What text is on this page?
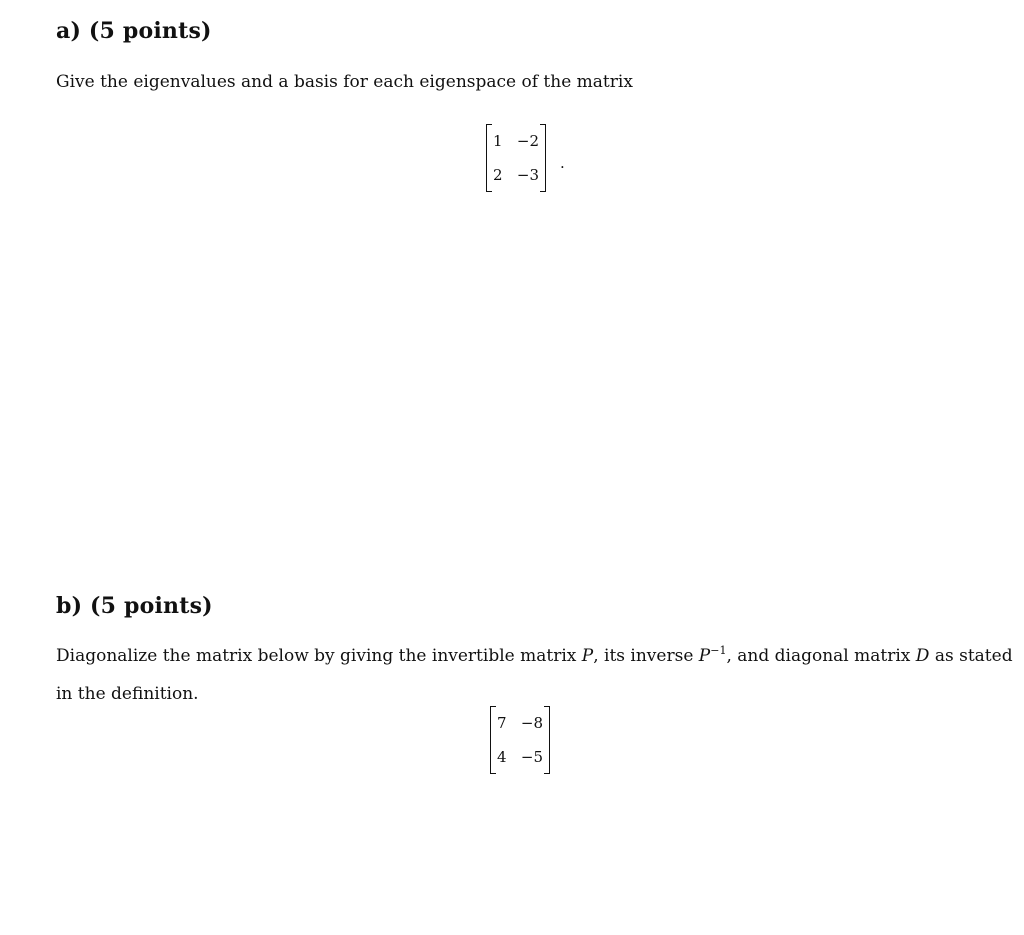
a) (5 points)
Give the eigenvalues and a basis for each eigenspace of the matrix
1 −2
2 −3
.
b) (5 points)
Diagonalize the matrix below by giving the invertible matrix P, its inverse $P^{-1}$, and diagonal matrix D as stated
in the definition.
7 −8
4 −5
